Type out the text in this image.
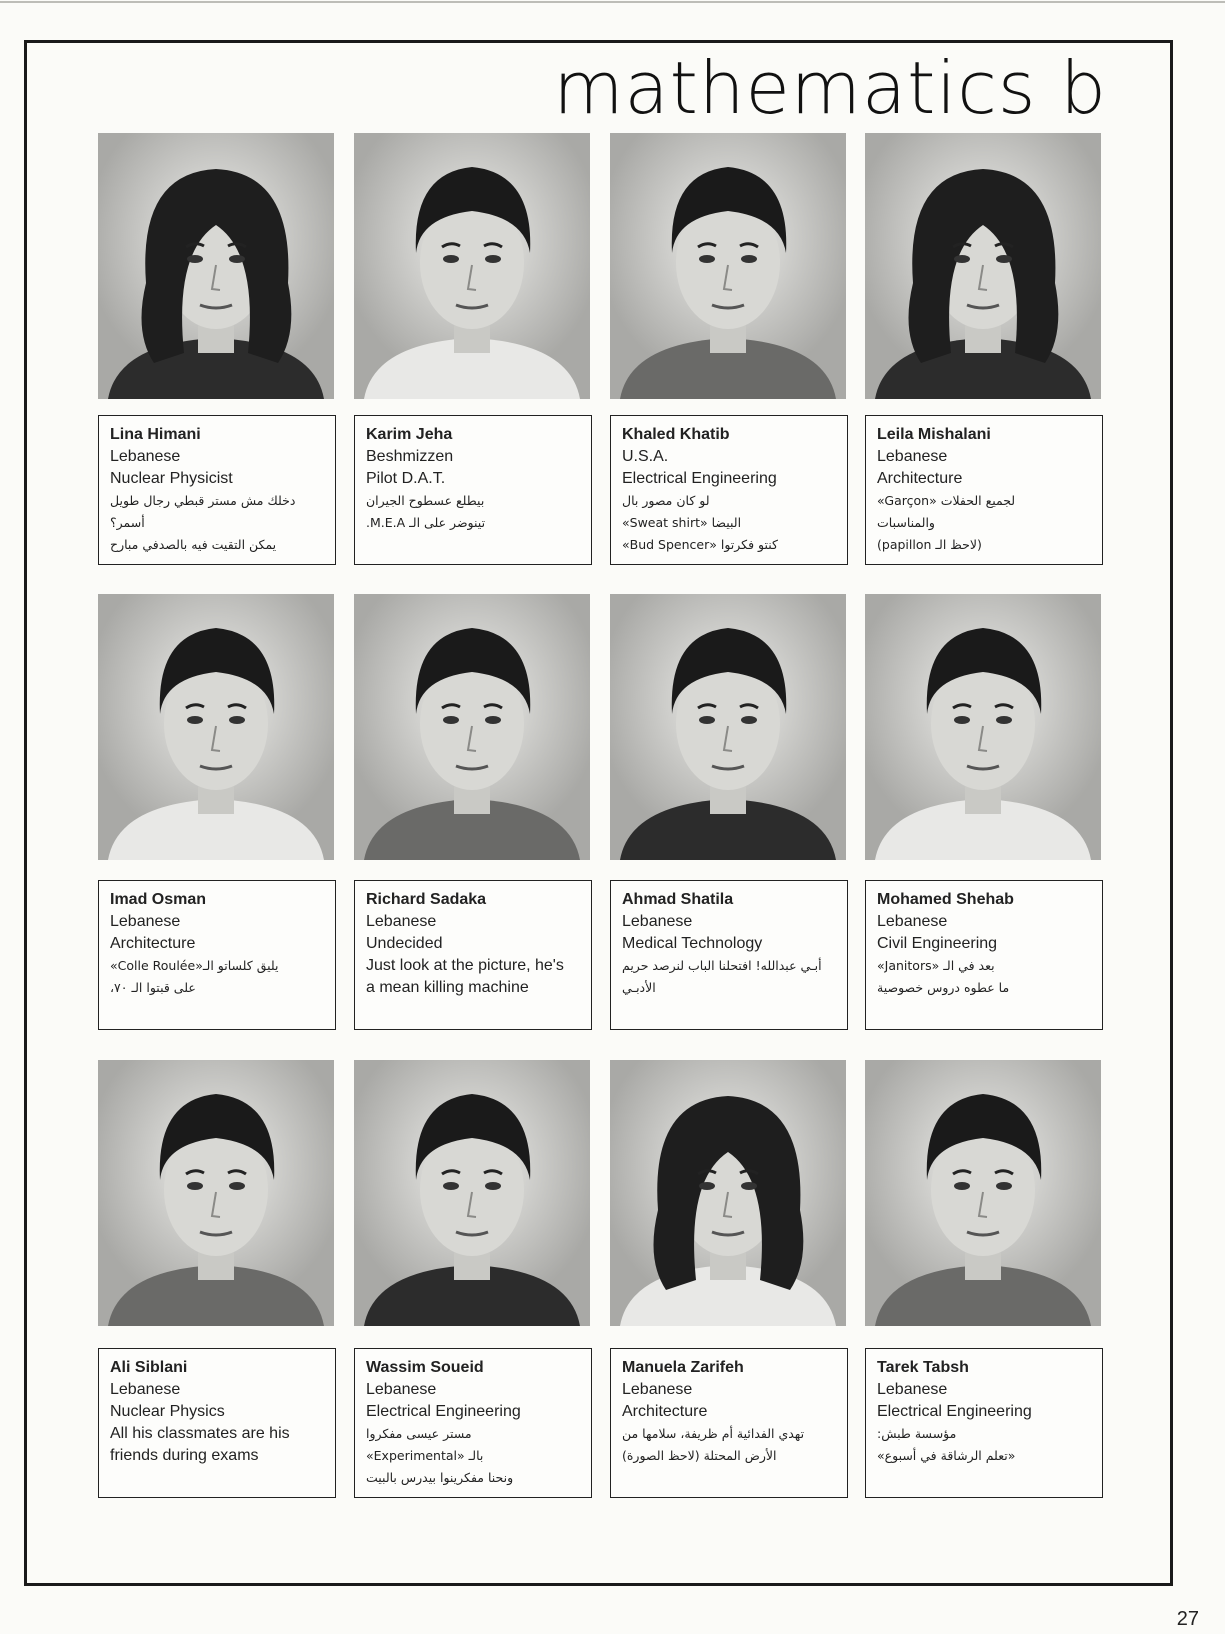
mathematics b
Lina Himani
Lebanese
Nuclear Physicist
دخلك مش مستر قبطي رجال طويل
أسمر؟
يمكن التقيت فيه بالصدفي مبارح
Karim Jeha
Beshmizzen
Pilot D.A.T.
بيطلع عسطوح الجيران
تينوضر على الـ M.E.A.
Khaled Khatib
U.S.A.
Electrical Engineering
لو كان مصور بال
«Sweat shirt» البيضا
كنتو فكرتوا «Bud Spencer»
Leila Mishalani
Lebanese
Architecture
«Garçon» لجميع الحفلات
والمناسبات
(لاحظ الـ papillon)
Imad Osman
Lebanese
Architecture
يليق كلساتو الـ«Colle Roulée»
على قبتوا الـ ٧٠،
Richard Sadaka
Lebanese
Undecided
Just look at the picture, he's
a mean killing machine
Ahmad Shatila
Lebanese
Medical Technology
أبـي عبدالله! افتحلنا الباب لنرصد حريم
الأدبـي
Mohamed Shehab
Lebanese
Civil Engineering
بعد في الـ «Janitors»
ما عطوه دروس خصوصية
Ali Siblani
Lebanese
Nuclear Physics
All his classmates are his
friends during exams
Wassim Soueid
Lebanese
Electrical Engineering
مستر عيسى مفكروا
بالـ «Experimental»
ونحنا مفكرينوا بيدرس بالبيت
Manuela Zarifeh
Lebanese
Architecture
تهدي الفدائية أم ظريفة، سلامها من
الأرض المحتلة (لاحظ الصورة)
Tarek Tabsh
Lebanese
Electrical Engineering
مؤسسة طبش:
«تعلم الرشاقة في أسبوع»
27
